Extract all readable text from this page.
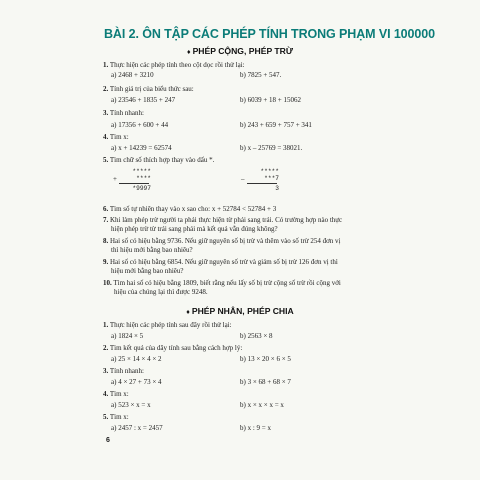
BÀI 2. ÔN TẬP CÁC PHÉP TÍNH TRONG PHẠM VI 100000
♦ PHÉP CỘNG, PHÉP TRỪ
1. Thực hiện các phép tính theo cột dọc rồi thử lại:
a) 2468 + 3210	b) 7825 + 547.
2. Tính giá trị của biểu thức sau:
a) 23546 + 1835 + 247	b) 6039 + 18 + 15062
3. Tính nhanh:
a) 17356 + 600 + 44	b) 243 + 659 + 757 + 341
4. Tìm x:
a) x + 14239 = 62574	b) x – 25769 = 38021.
5. Tìm chữ số thích hợp thay vào dấu *.
+
*****
****
*9997
–
*****
***7
3
6. Tìm số tự nhiên thay vào x sao cho: x + 52784 < 52784 + 3
7. Khi làm phép trừ người ta phải thực hiện từ phải sang trái. Có trường hợp nào thực
hiện phép trừ từ trái sang phải mà kết quả vẫn đúng không?
8. Hai số có hiệu bằng 9736. Nếu giữ nguyên số bị trừ và thêm vào số trừ 254 đơn vị
thì hiệu mới bằng bao nhiêu?
9. Hai số có hiệu bằng 6854. Nếu giữ nguyên số trừ và giảm số bị trừ 126 đơn vị thì
hiệu mới bằng bao nhiêu?
10. Tìm hai số có hiệu bằng 1809, biết rằng nếu lấy số bị trừ cộng số trừ rồi cộng với
hiệu của chúng lại thì được 9248.
♦ PHÉP NHÂN, PHÉP CHIA
1. Thực hiện các phép tính sau đây rồi thử lại:
a) 1824 × 5	b) 2563 × 8
2. Tìm kết quả của dãy tính sau bằng cách hợp lý:
a) 25 × 14 × 4 × 2	b) 13 × 20 × 6 × 5
3. Tính nhanh:
a) 4 × 27 + 73 × 4	b) 3 × 68 + 68 × 7
4. Tìm x:
a) 523 × x = x	b) x × x × x = x
5. Tìm x:
a) 2457 : x = 2457	b) x : 9 = x
6
